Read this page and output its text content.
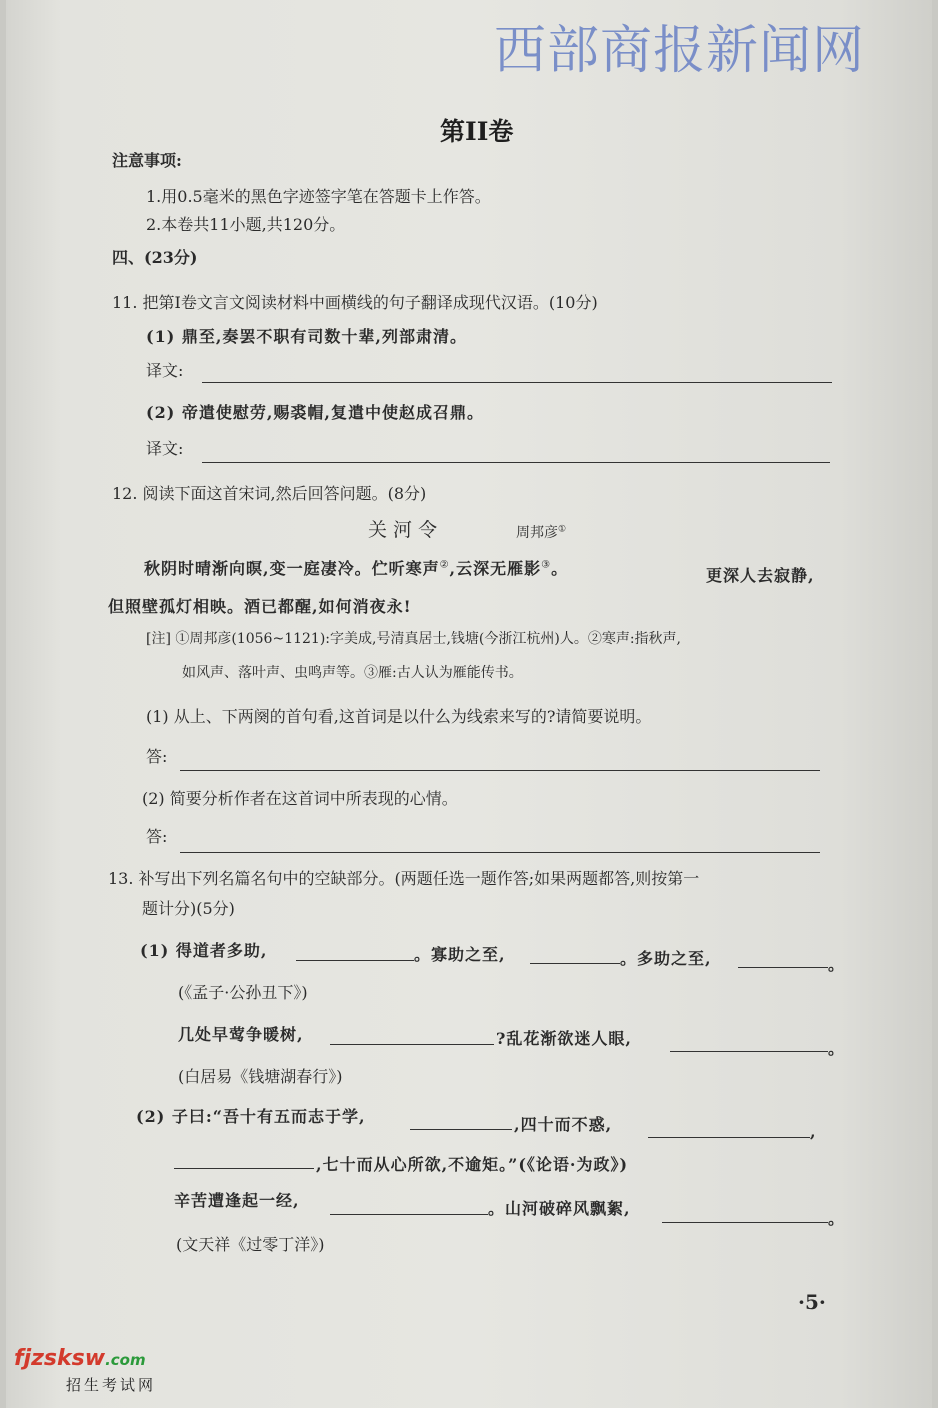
西部商报新闻网
第II卷
注意事项:
1.用0.5毫米的黑色字迹签字笔在答题卡上作答。
2.本卷共11小题,共120分。
四、(23分)
11. 把第I卷文言文阅读材料中画横线的句子翻译成现代汉语。(10分)
(1) 鼎至,奏罢不职有司数十辈,列部肃清。
译文:
(2) 帝遣使慰劳,赐裘帽,复遣中使赵成召鼎。
译文:
12. 阅读下面这首宋词,然后回答问题。(8分)
关 河 令	周邦彦①
秋阴时晴渐向暝,变一庭凄冷。伫听寒声②,云深无雁影③。	更深人去寂静,
但照壁孤灯相映。酒已都醒,如何消夜永!
[注] ①周邦彦(1056~1121):字美成,号清真居士,钱塘(今浙江杭州)人。②寒声:指秋声,
如风声、落叶声、虫鸣声等。③雁:古人认为雁能传书。
(1) 从上、下两阕的首句看,这首词是以什么为线索来写的?请简要说明。
答:
(2) 简要分析作者在这首词中所表现的心情。
答:
13. 补写出下列名篇名句中的空缺部分。(两题任选一题作答;如果两题都答,则按第一
题计分)(5分)
(1) 得道者多助,	。寡助之至,	。多助之至,	。
(《孟子·公孙丑下》)
几处早莺争暖树,	?乱花渐欲迷人眼,
。
(白居易《钱塘湖春行》)
(2) 子曰:“吾十有五而志于学,	,四十而不惑,	,
,七十而从心所欲,不逾矩。”(《论语·为政》)
辛苦遭逢起一经,	。山河破碎风飘絮,
。
(文天祥《过零丁洋》)
·5·
fjzsksw.com
招生考试网
